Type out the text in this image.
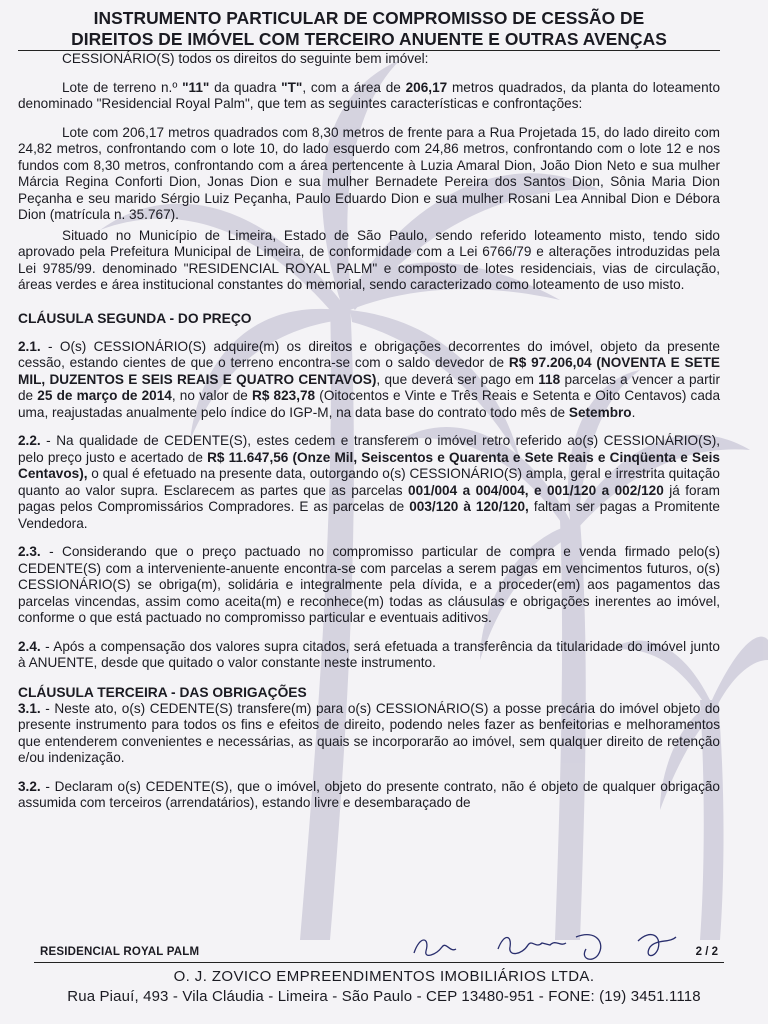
INSTRUMENTO PARTICULAR DE COMPROMISSO DE CESSÃO DE
DIREITOS DE IMÓVEL COM TERCEIRO ANUENTE E OUTRAS AVENÇAS

CESSIONÁRIO(S) todos os direitos do seguinte bem imóvel:

Lote de terreno n.º "11" da quadra "T", com a área de 206,17 metros quadrados, da planta do loteamento denominado "Residencial Royal Palm", que tem as seguintes características e confrontações:

Lote com 206,17 metros quadrados com 8,30 metros de frente para a Rua Projetada 15, do lado direito com 24,82 metros, confrontando com o lote 10, do lado esquerdo com 24,86 metros, confrontando com o lote 12 e nos fundos com 8,30 metros, confrontando com a área pertencente à Luzia Amaral Dion, João Dion Neto e sua mulher Márcia Regina Conforti Dion, Jonas Dion e sua mulher Bernadete Pereira dos Santos Dion, Sônia Maria Dion Peçanha e seu marido Sérgio Luiz Peçanha, Paulo Eduardo Dion e sua mulher Rosani Lea Annibal Dion e Débora Dion (matrícula n. 35.767).

Situado no Município de Limeira, Estado de São Paulo, sendo referido loteamento misto, tendo sido aprovado pela Prefeitura Municipal de Limeira, de conformidade com a Lei 6766/79 e alterações introduzidas pela Lei 9785/99. denominado "RESIDENCIAL ROYAL PALM" e composto de lotes residenciais, vias de circulação, áreas verdes e área institucional constantes do memorial, sendo caracterizado como loteamento de uso misto.

CLÁUSULA SEGUNDA - DO PREÇO

2.1. - O(s) CESSIONÁRIO(S) adquire(m) os direitos e obrigações decorrentes do imóvel, objeto da presente cessão, estando cientes de que o terreno encontra-se com o saldo devedor de R$ 97.206,04 (NOVENTA E SETE MIL, DUZENTOS E SEIS REAIS E QUATRO CENTAVOS), que deverá ser pago em 118 parcelas a vencer a partir de 25 de março de 2014, no valor de R$ 823,78 (Oitocentos e Vinte e Três Reais e Setenta e Oito Centavos) cada uma, reajustadas anualmente pelo índice do IGP-M, na data base do contrato todo mês de Setembro.

2.2. - Na qualidade de CEDENTE(S), estes cedem e transferem o imóvel retro referido ao(s) CESSIONÁRIO(S), pelo preço justo e acertado de R$ 11.647,56 (Onze Mil, Seiscentos e Quarenta e Sete Reais e Cinqüenta e Seis Centavos), o qual é efetuado na presente data, outorgando o(s) CESSIONÁRIO(S) ampla, geral e irrestrita quitação quanto ao valor supra. Esclarecem as partes que as parcelas 001/004 a 004/004, e 001/120 a 002/120 já foram pagas pelos Compromissários Compradores. E as parcelas de 003/120 à 120/120, faltam ser pagas a Promitente Vendedora.

2.3. - Considerando que o preço pactuado no compromisso particular de compra e venda firmado pelo(s) CEDENTE(S) com a interveniente-anuente encontra-se com parcelas a serem pagas em vencimentos futuros, o(s) CESSIONÁRIO(S) se obriga(m), solidária e integralmente pela dívida, e a proceder(em) aos pagamentos das parcelas vincendas, assim como aceita(m) e reconhece(m) todas as cláusulas e obrigações inerentes ao imóvel, conforme o que está pactuado no compromisso particular e eventuais aditivos.

2.4. - Após a compensação dos valores supra citados, será efetuada a transferência da titularidade do imóvel junto à ANUENTE, desde que quitado o valor constante neste instrumento.

CLÁUSULA TERCEIRA - DAS OBRIGAÇÕES

3.1. - Neste ato, o(s) CEDENTE(S) transfere(m) para o(s) CESSIONÁRIO(S) a posse precária do imóvel objeto do presente instrumento para todos os fins e efeitos de direito, podendo neles fazer as benfeitorias e melhoramentos que entenderem convenientes e necessárias, as quais se incorporarão ao imóvel, sem qualquer direito de retenção e/ou indenização.

3.2. - Declaram o(s) CEDENTE(S), que o imóvel, objeto do presente contrato, não é objeto de qualquer obrigação assumida com terceiros (arrendatários), estando livre e desembaraçado de

RESIDENCIAL ROYAL PALM	2 / 2
O. J. ZOVICO EMPREENDIMENTOS IMOBILIÁRIOS LTDA.
Rua Piauí, 493 - Vila Cláudia - Limeira - São Paulo - CEP 13480-951 - FONE: (19) 3451.1118
